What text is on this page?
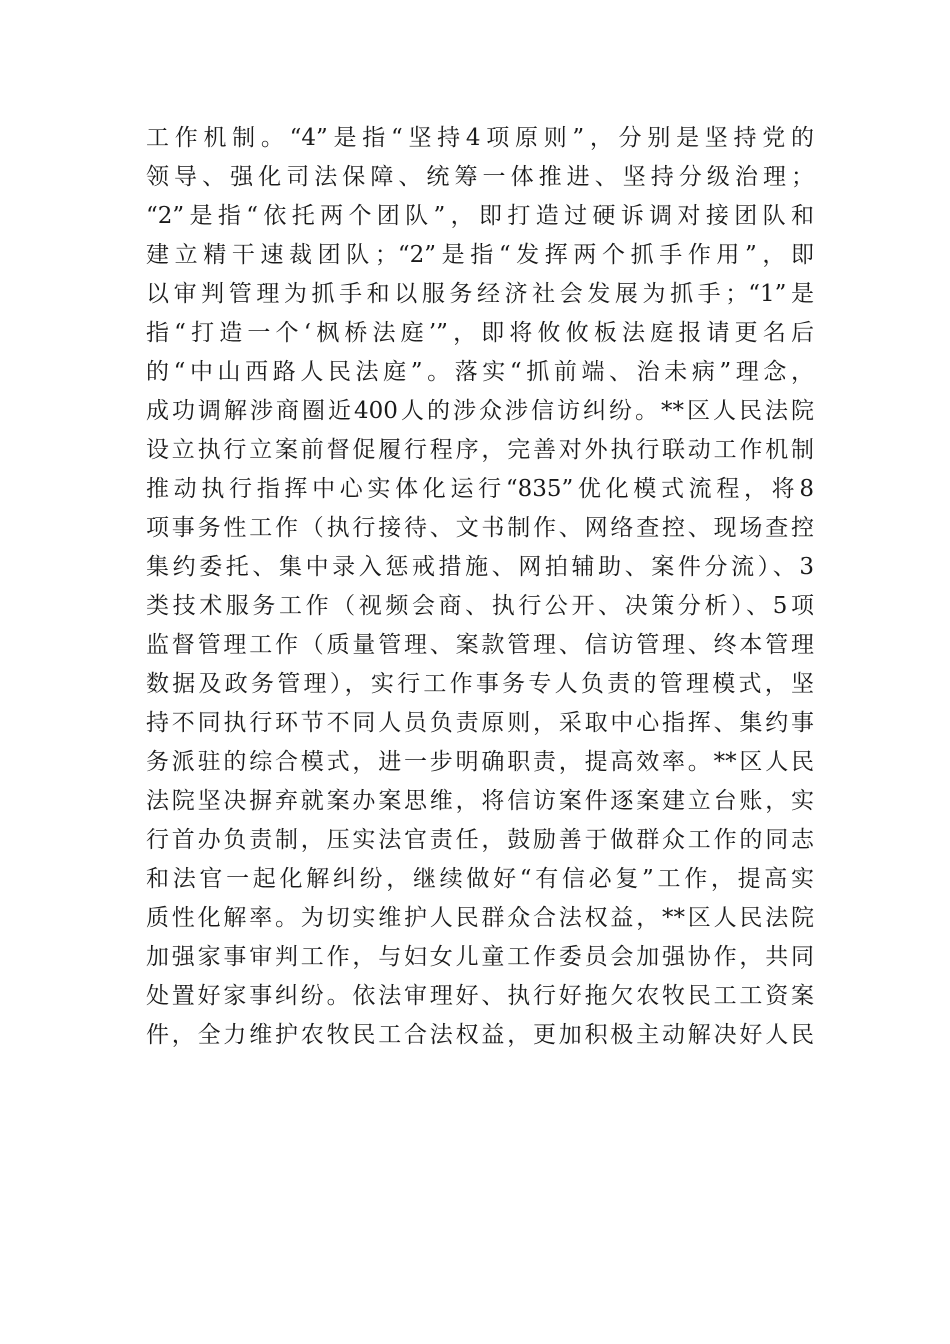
工作机制。“4”是指“坚持4项原则”，分别是坚持党的
领导、强化司法保障、统筹一体推进、坚持分级治理；
“2”是指“依托两个团队”，即打造过硬诉调对接团队和
建立精干速裁团队；“2”是指“发挥两个抓手作用”，即
以审判管理为抓手和以服务经济社会发展为抓手；“1”是
指“打造一个‘枫桥法庭’”，即将攸攸板法庭报请更名后
的“中山西路人民法庭”。落实“抓前端、治未病”理念，
成功调解涉商圈近400人的涉众涉信访纠纷。**区人民法院
设立执行立案前督促履行程序，完善对外执行联动工作机制
推动执行指挥中心实体化运行“835”优化模式流程，将8
项事务性工作（执行接待、文书制作、网络查控、现场查控
集约委托、集中录入惩戒措施、网拍辅助、案件分流）、3
类技术服务工作（视频会商、执行公开、决策分析）、5项
监督管理工作（质量管理、案款管理、信访管理、终本管理
数据及政务管理），实行工作事务专人负责的管理模式，坚
持不同执行环节不同人员负责原则，采取中心指挥、集约事
务派驻的综合模式，进一步明确职责，提高效率。**区人民
法院坚决摒弃就案办案思维，将信访案件逐案建立台账，实
行首办负责制，压实法官责任，鼓励善于做群众工作的同志
和法官一起化解纠纷，继续做好“有信必复”工作，提高实
质性化解率。为切实维护人民群众合法权益，**区人民法院
加强家事审判工作，与妇女儿童工作委员会加强协作，共同
处置好家事纠纷。依法审理好、执行好拖欠农牧民工工资案
件，全力维护农牧民工合法权益，更加积极主动解决好人民
